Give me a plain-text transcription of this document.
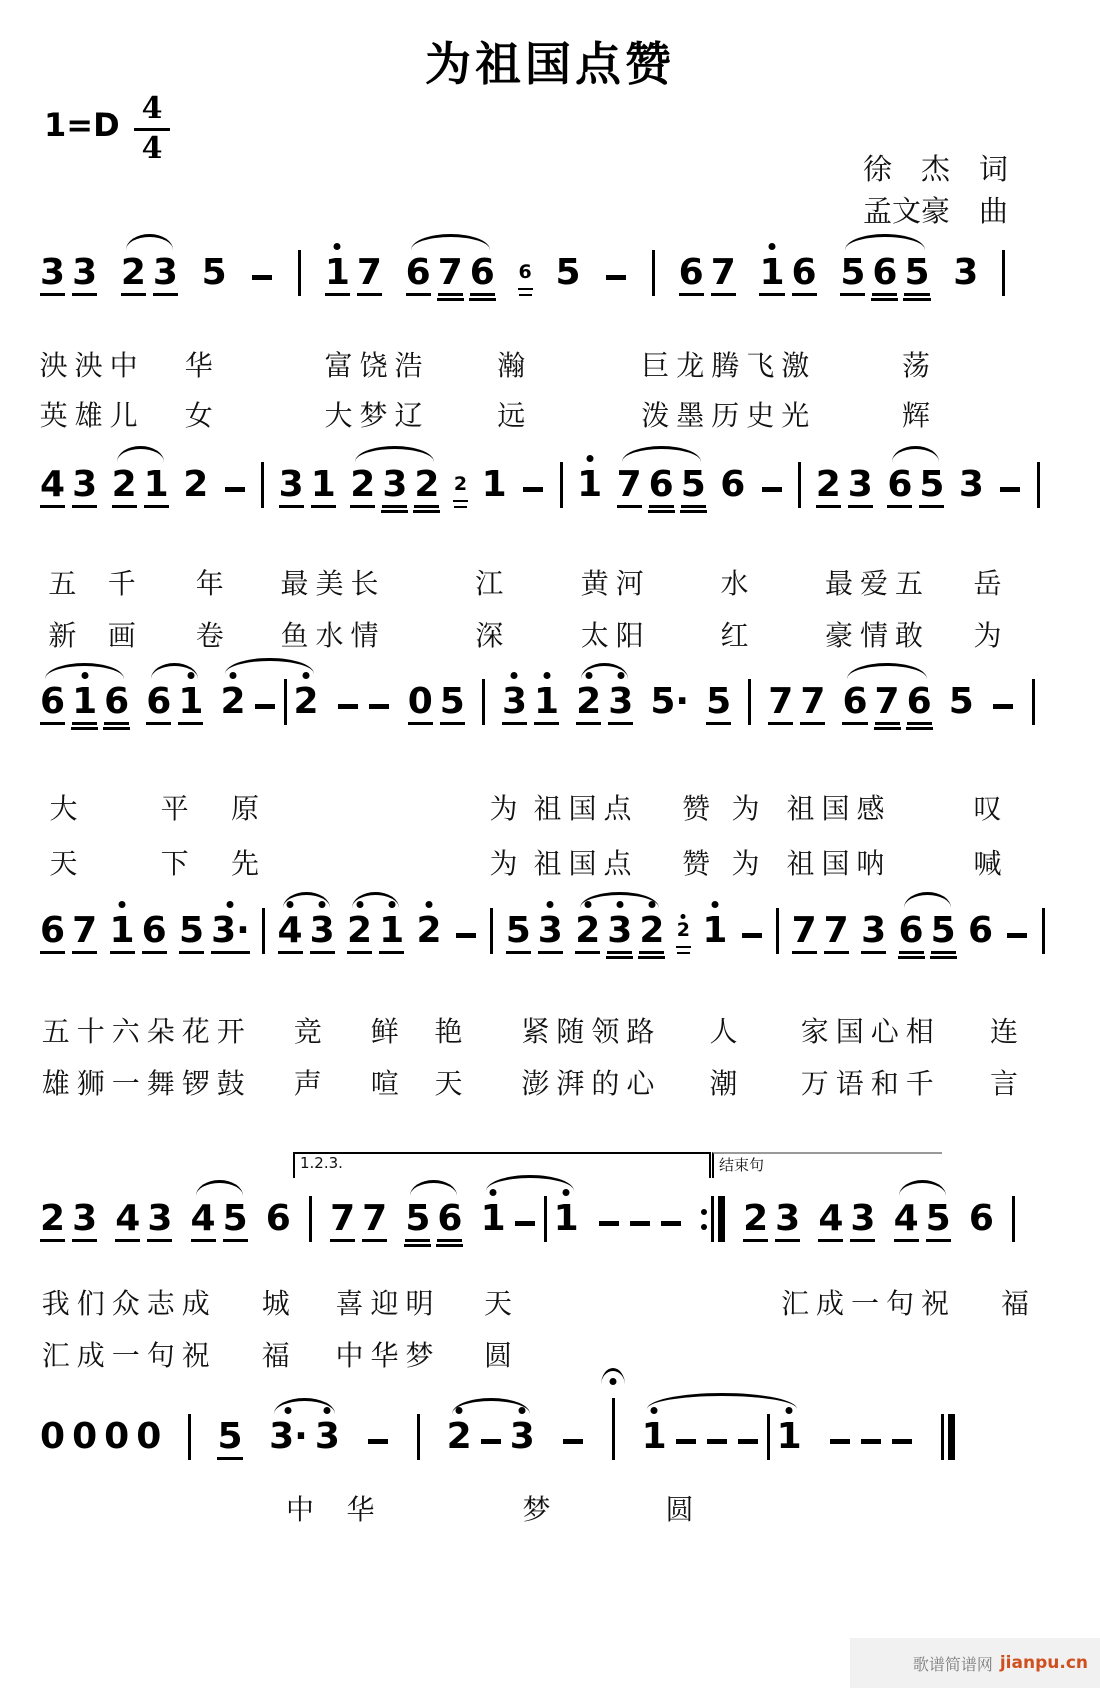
为祖国点赞
1=D 4
4
徐　杰　词
孟文豪　曲
3 3 2 3 5	1 7 6 7 6 6 5	6 7 1 6 5 6 5 3
泱泱中 华	富饶浩 瀚	巨龙腾飞激	荡
英雄儿 女	大梦辽 远	泼墨历史光	辉
4 3 2 1 2 3 1 2 3 2 2 1 1 7 6 5 6 2 3 6 5 3
五 千 年 最美长	江	黄河 水 最爱五 岳
新 画 卷 鱼水情	深	太阳 红 豪情敢 为
6 1 6 6 1 2 2 0 5 3 1 2 3 5· 5 7 7 6 7 6 5
大	平 原	为 祖国点 赞 为 祖国感	叹
天	下 先	为 祖国点 赞 为 祖国呐	喊
6 7 1 6 5 3· 4 3 2 1 2 5 3 2 3 2 2 1 7 7 3 6 5 6
五十六朵花开 竞 鲜 艳 紧随领路 人 家国心相 连
雄狮一舞锣鼓 声 喧 天 澎湃的心 潮 万语和千 言
1.2.3.	结束句
2 3 4 3 4 5 6 7 7 5 6 1 1	2 3 4 3 4 5 6
我们众志成 城 喜迎明 天	汇成一句祝 福
汇成一句祝 福 中华梦 圆
0 0 0 0 5 3· 3	2 3	1	1
中 华	梦	圆
歌谱简谱网 jianpu.cn
